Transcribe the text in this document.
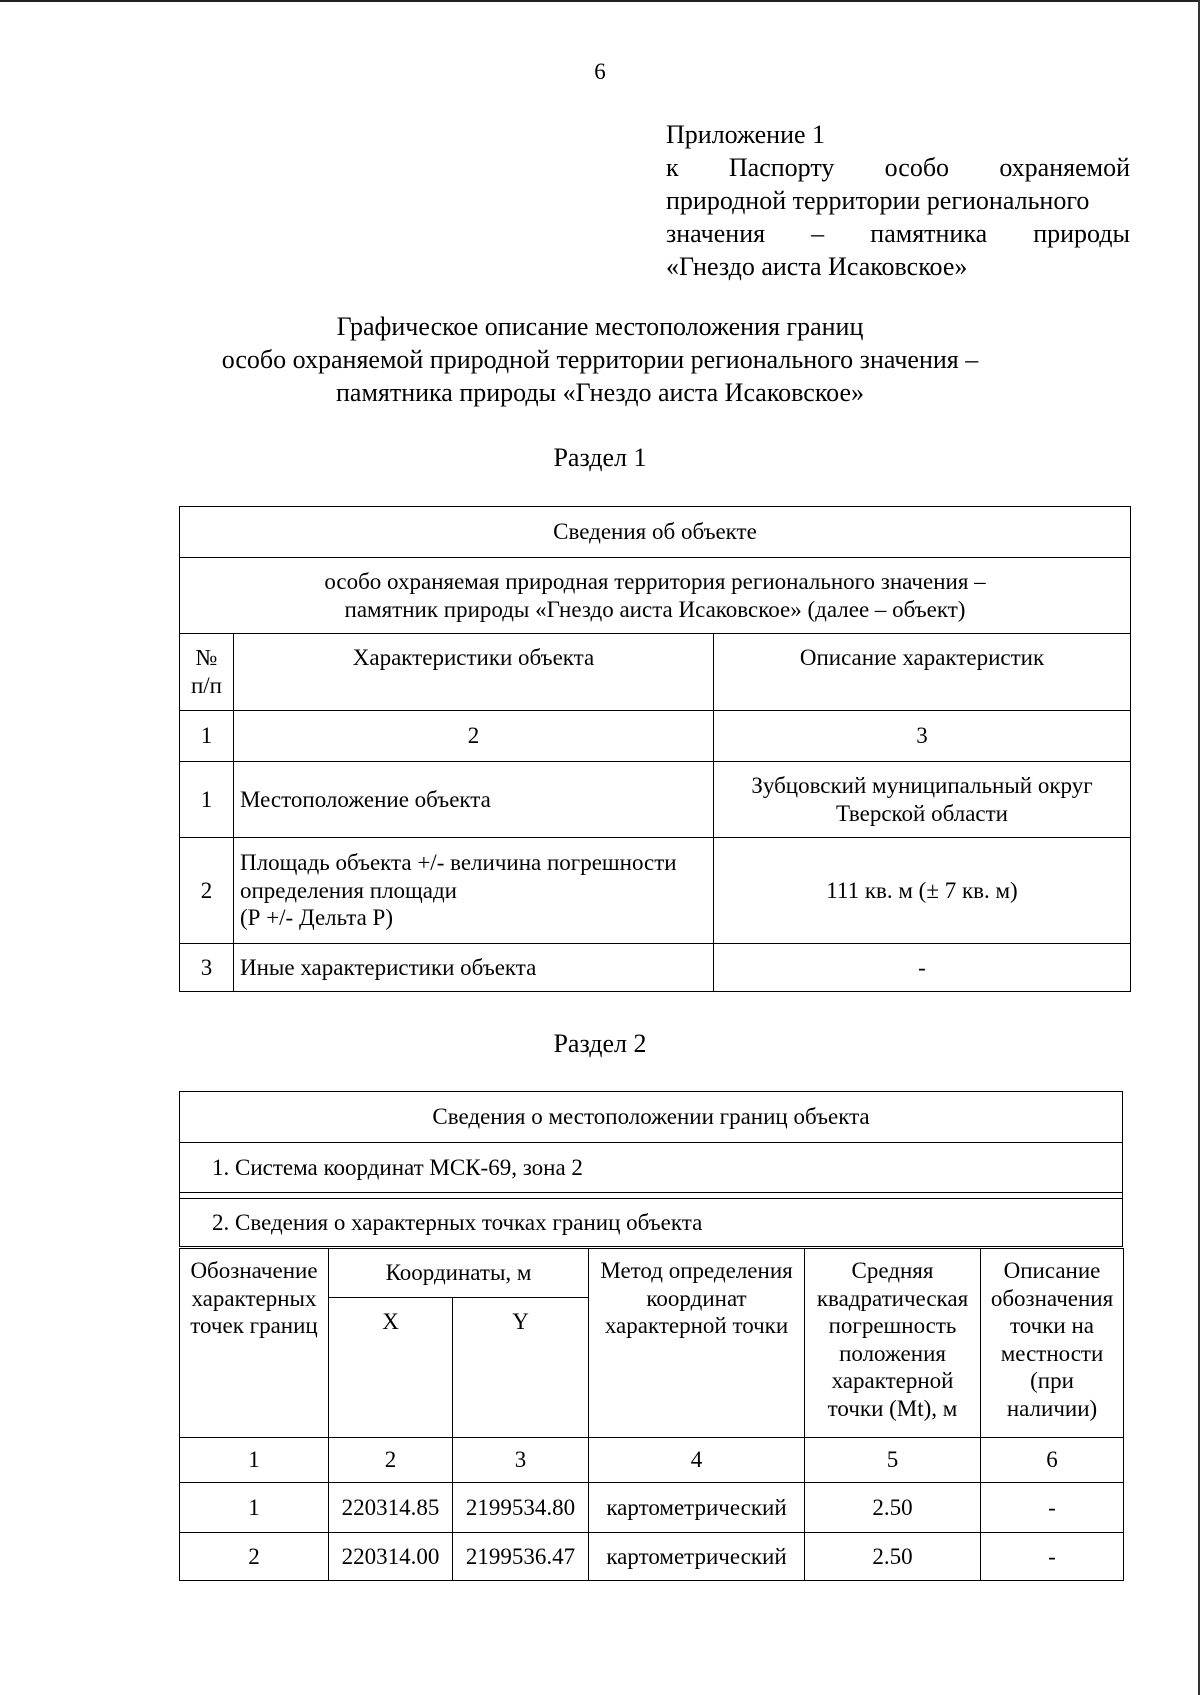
6
Приложение 1
к Паспорту особо охраняемой
природной территории регионального
значения – памятника природы
«Гнездо аиста Исаковское»
Графическое описание местоположения границ
особо охраняемой природной территории регионального значения –
памятника природы «Гнездо аиста Исаковское»
Раздел 1
Сведения об объекте		

особо охраняемая природная территория регионального значения –
памятник природы «Гнездо аиста Исаковское» (далее – объект)		

№ п/п	Характеристики объекта	Описание характеристик
1	2	3
1	Местоположение объекта	Зубцовский муниципальный округ
Тверской области

2	Площадь объекта +/- величина погрешности
определения площади
(Р +/- Дельта Р)	111 кв. м (± 7 кв. м)
3	Иные характеристики объекта	-
Раздел 2
Сведения о местоположении границ объекта
1. Система координат МСК-69, зона 2

2. Сведения о характерных точках границ объекта
Обозначение характерных точек границ	Координаты, м		Метод определения координат характерной точки	Средняя квадратическая погрешность положения характерной точки (Mt), м	Описание обозначения точки на местности (при наличии)
	X	Y			
1	2	3	4	5	6
1	220314.85	2199534.80	картометрический	2.50	-
2	220314.00	2199536.47	картометрический	2.50	-
